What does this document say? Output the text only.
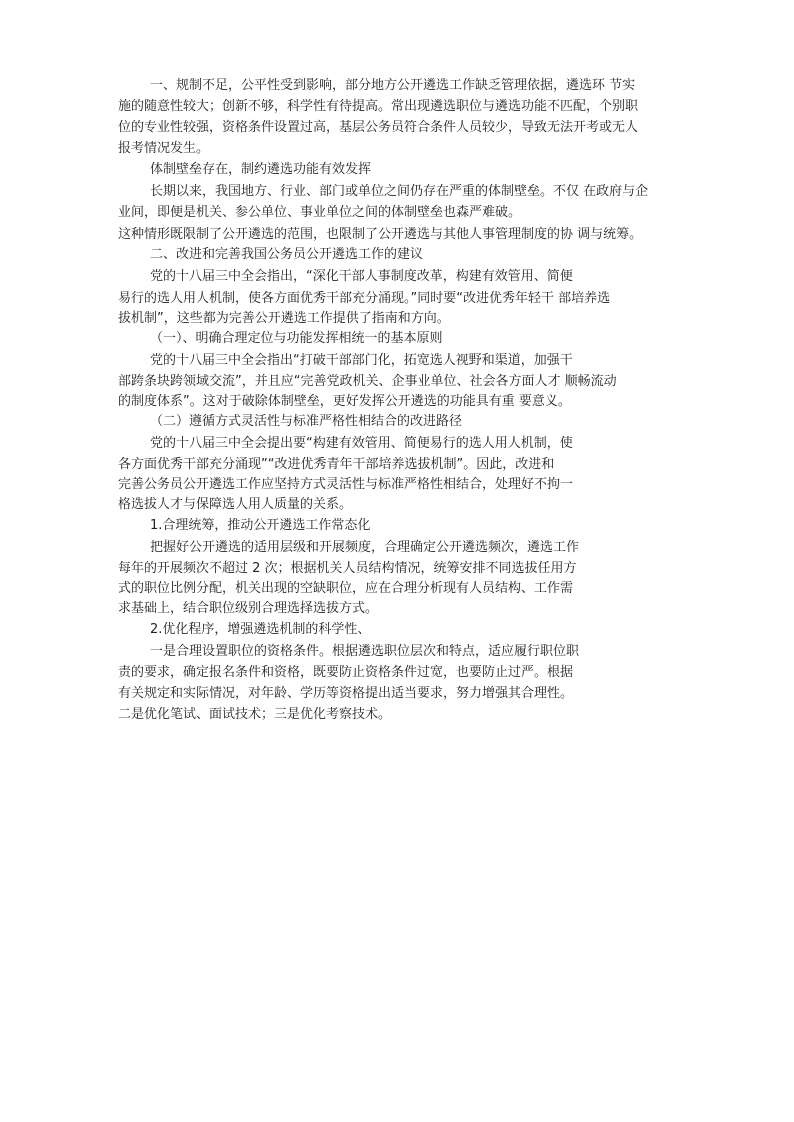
一、规制不足，公平性受到影响，部分地方公开遴选工作缺乏管理依据，遴选环 节实
施的随意性较大；创新不够，科学性有待提高。常出现遴选职位与遴选功能不匹配，个别职
位的专业性较强，资格条件设置过高，基层公务员符合条件人员较少，导致无法开考或无人
报考情况发生。
体制壁垒存在，制约遴选功能有效发挥
长期以来，我国地方、行业、部门或单位之间仍存在严重的体制壁垒。不仅 在政府与企
业间，即便是机关、参公单位、事业单位之间的体制壁垒也森严难破。
这种情形既限制了公开遴选的范围，也限制了公开遴选与其他人事管理制度的协 调与统筹。
二、改进和完善我国公务员公开遴选工作的建议
党的十八届三中全会指出，“深化干部人事制度改革，构建有效管用、简便
易行的选人用人机制，使各方面优秀干部充分涌现。”同时要“改进优秀年轻干 部培养选
拔机制”，这些都为完善公开遴选工作提供了指南和方向。
（一）、明确合理定位与功能发挥相统一的基本原则
党的十八届三中全会指出“打破干部部门化，拓宽选人视野和渠道，加强干
部跨条块跨领域交流”，并且应“完善党政机关、企事业单位、社会各方面人才 顺畅流动
的制度体系”。这对于破除体制壁垒，更好发挥公开遴选的功能具有重 要意义。
（二）遵循方式灵活性与标准严格性相结合的改进路径
党的十八届三中全会提出要“构建有效管用、简便易行的选人用人机制，使
各方面优秀干部充分涌现”“改进优秀青年干部培养选拔机制”。因此，改进和
完善公务员公开遴选工作应坚持方式灵活性与标准严格性相结合，处理好不拘一
格选拔人才与保障选人用人质量的关系。
1.合理统筹，推动公开遴选工作常态化
把握好公开遴选的适用层级和开展频度，合理确定公开遴选频次，遴选工作
每年的开展频次不超过 2 次；根据机关人员结构情况，统筹安排不同选拔任用方
式的职位比例分配，机关出现的空缺职位，应在合理分析现有人员结构、工作需
求基础上，结合职位级别合理选择选拔方式。
2.优化程序，增强遴选机制的科学性、
一是合理设置职位的资格条件。根据遴选职位层次和特点，适应履行职位职
责的要求，确定报名条件和资格，既要防止资格条件过宽，也要防止过严。根据
有关规定和实际情况，对年龄、学历等资格提出适当要求，努力增强其合理性。
二是优化笔试、面试技术；三是优化考察技术。
